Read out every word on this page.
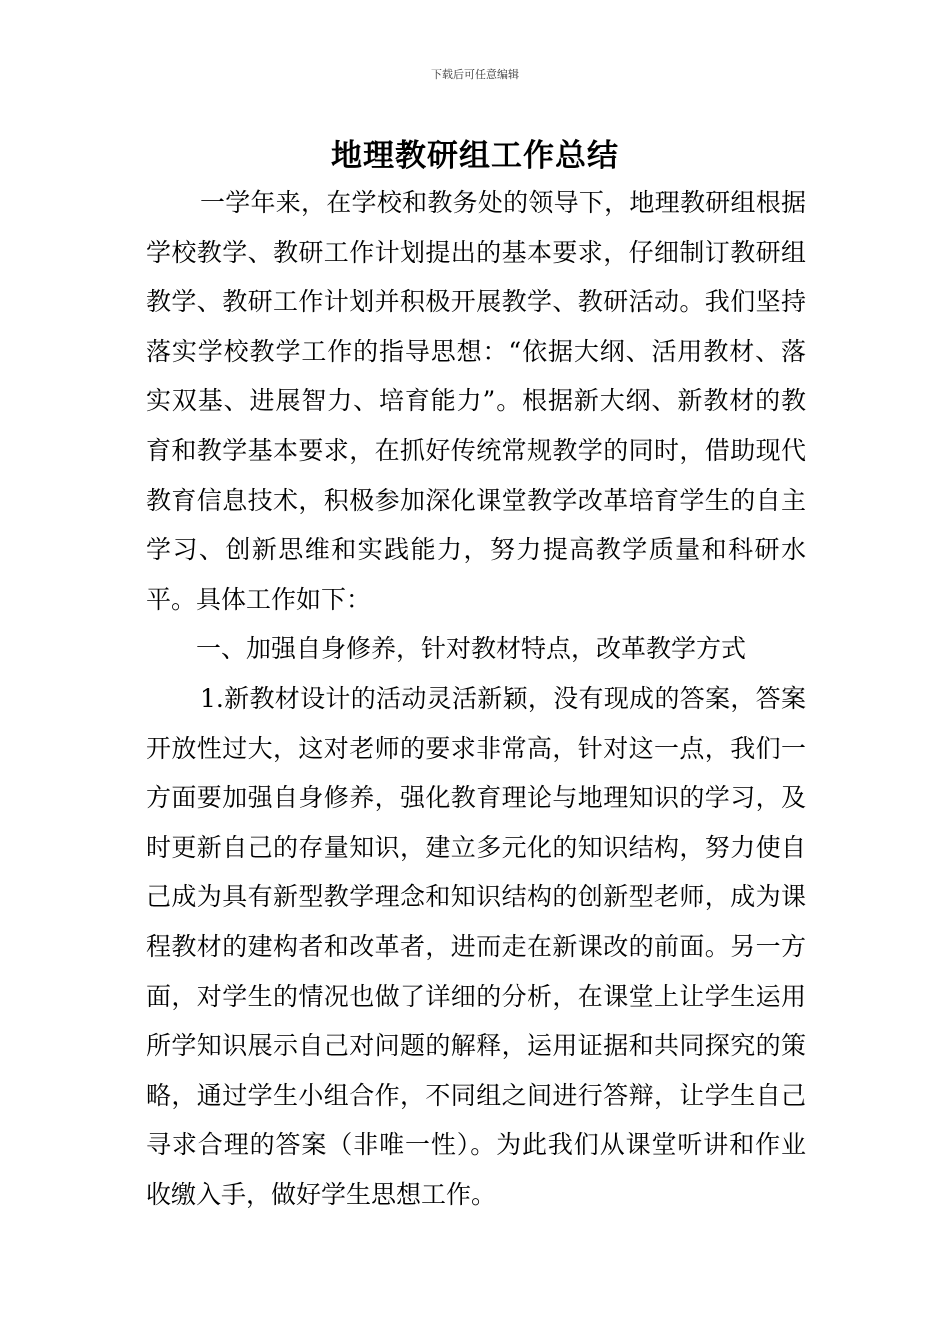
下载后可任意编辑
地理教研组工作总结

一学年来，在学校和教务处的领导下，地理教研组根据学校教学、教研工作计划提出的基本要求，仔细制订教研组教学、教研工作计划并积极开展教学、教研活动。我们坚持落实学校教学工作的指导思想：“依据大纲、活用教材、落实双基、进展智力、培育能力”。根据新大纲、新教材的教育和教学基本要求，在抓好传统常规教学的同时，借助现代教育信息技术，积极参加深化课堂教学改革培育学生的自主学习、创新思维和实践能力，努力提高教学质量和科研水平。具体工作如下：

一、加强自身修养，针对教材特点，改革教学方式

1.新教材设计的活动灵活新颖，没有现成的答案，答案开放性过大，这对老师的要求非常高，针对这一点，我们一方面要加强自身修养，强化教育理论与地理知识的学习，及时更新自己的存量知识，建立多元化的知识结构，努力使自己成为具有新型教学理念和知识结构的创新型老师，成为课程教材的建构者和改革者，进而走在新课改的前面。另一方面，对学生的情况也做了详细的分析，在课堂上让学生运用所学知识展示自己对问题的解释，运用证据和共同探究的策略，通过学生小组合作，不同组之间进行答辩，让学生自己寻求合理的答案（非唯一性）。为此我们从课堂听讲和作业收缴入手，做好学生思想工作。
